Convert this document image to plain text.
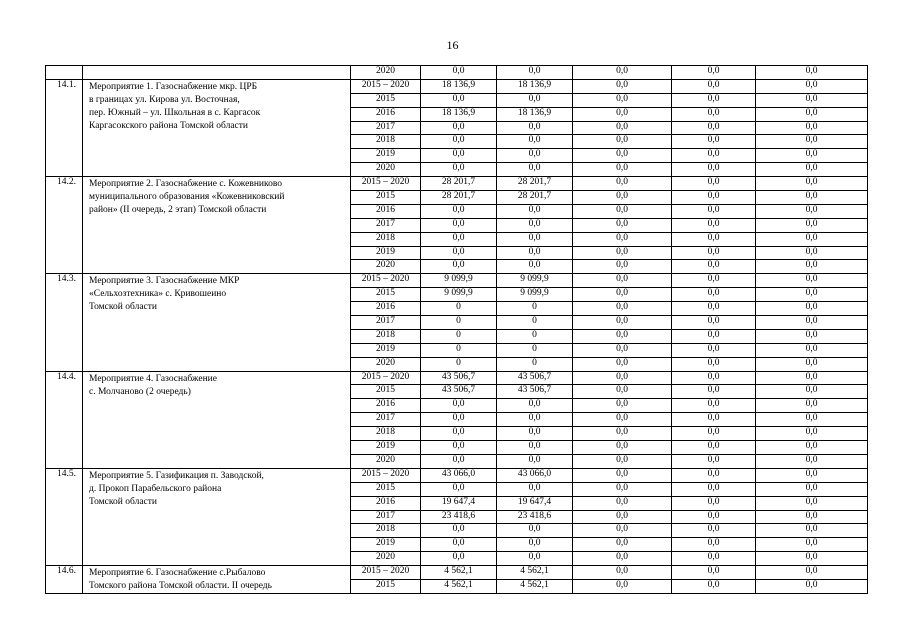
16
		2020	0,0	0,0	0,0	0,0	0,0
14.1.	Мероприятие 1. Газоснабжение мкр. ЦРБ
в границах ул. Кирова ул. Восточная,
пер. Южный – ул. Школьная в с. Каргасок
Каргасокского района Томской области	2015 – 2020	18 136,9	18 136,9	0,0	0,0	0,0
		2015	0,0	0,0	0,0	0,0	0,0
		2016	18 136,9	18 136,9	0,0	0,0	0,0
		2017	0,0	0,0	0,0	0,0	0,0
		2018	0,0	0,0	0,0	0,0	0,0
		2019	0,0	0,0	0,0	0,0	0,0
		2020	0,0	0,0	0,0	0,0	0,0
14.2.	Мероприятие 2. Газоснабжение с. Кожевниково
муниципального образования «Кожевниковский
район» (II очередь, 2 этап) Томской области	2015 – 2020	28 201,7	28 201,7	0,0	0,0	0,0
		2015	28 201,7	28 201,7	0,0	0,0	0,0
		2016	0,0	0,0	0,0	0,0	0,0
		2017	0,0	0,0	0,0	0,0	0,0
		2018	0,0	0,0	0,0	0,0	0,0
		2019	0,0	0,0	0,0	0,0	0,0
		2020	0,0	0,0	0,0	0,0	0,0
14.3.	Мероприятие 3. Газоснабжение МКР
«Сельхозтехника» с. Кривошеино
Томской области	2015 – 2020	9 099,9	9 099,9	0,0	0,0	0,0
		2015	9 099,9	9 099,9	0,0	0,0	0,0
		2016	0	0	0,0	0,0	0,0
		2017	0	0	0,0	0,0	0,0
		2018	0	0	0,0	0,0	0,0
		2019	0	0	0,0	0,0	0,0
		2020	0	0	0,0	0,0	0,0
14.4.	Мероприятие 4. Газоснабжение
с. Молчаново (2 очередь)	2015 – 2020	43 506,7	43 506,7	0,0	0,0	0,0
		2015	43 506,7	43 506,7	0,0	0,0	0,0
		2016	0,0	0,0	0,0	0,0	0,0
		2017	0,0	0,0	0,0	0,0	0,0
		2018	0,0	0,0	0,0	0,0	0,0
		2019	0,0	0,0	0,0	0,0	0,0
		2020	0,0	0,0	0,0	0,0	0,0
14.5.	Мероприятие 5. Газификация п. Заводской,
д. Прокоп Парабельского района
Томской области	2015 – 2020	43 066,0	43 066,0	0,0	0,0	0,0
		2015	0,0	0,0	0,0	0,0	0,0
		2016	19 647,4	19 647,4	0,0	0,0	0,0
		2017	23 418,6	23 418,6	0,0	0,0	0,0
		2018	0,0	0,0	0,0	0,0	0,0
		2019	0,0	0,0	0,0	0,0	0,0
		2020	0,0	0,0	0,0	0,0	0,0
14.6.	Мероприятие 6. Газоснабжение с.Рыбалово
Томского района Томской области. II очередь	2015 – 2020	4 562,1	4 562,1	0,0	0,0	0,0
		2015	4 562,1	4 562,1	0,0	0,0	0,0
